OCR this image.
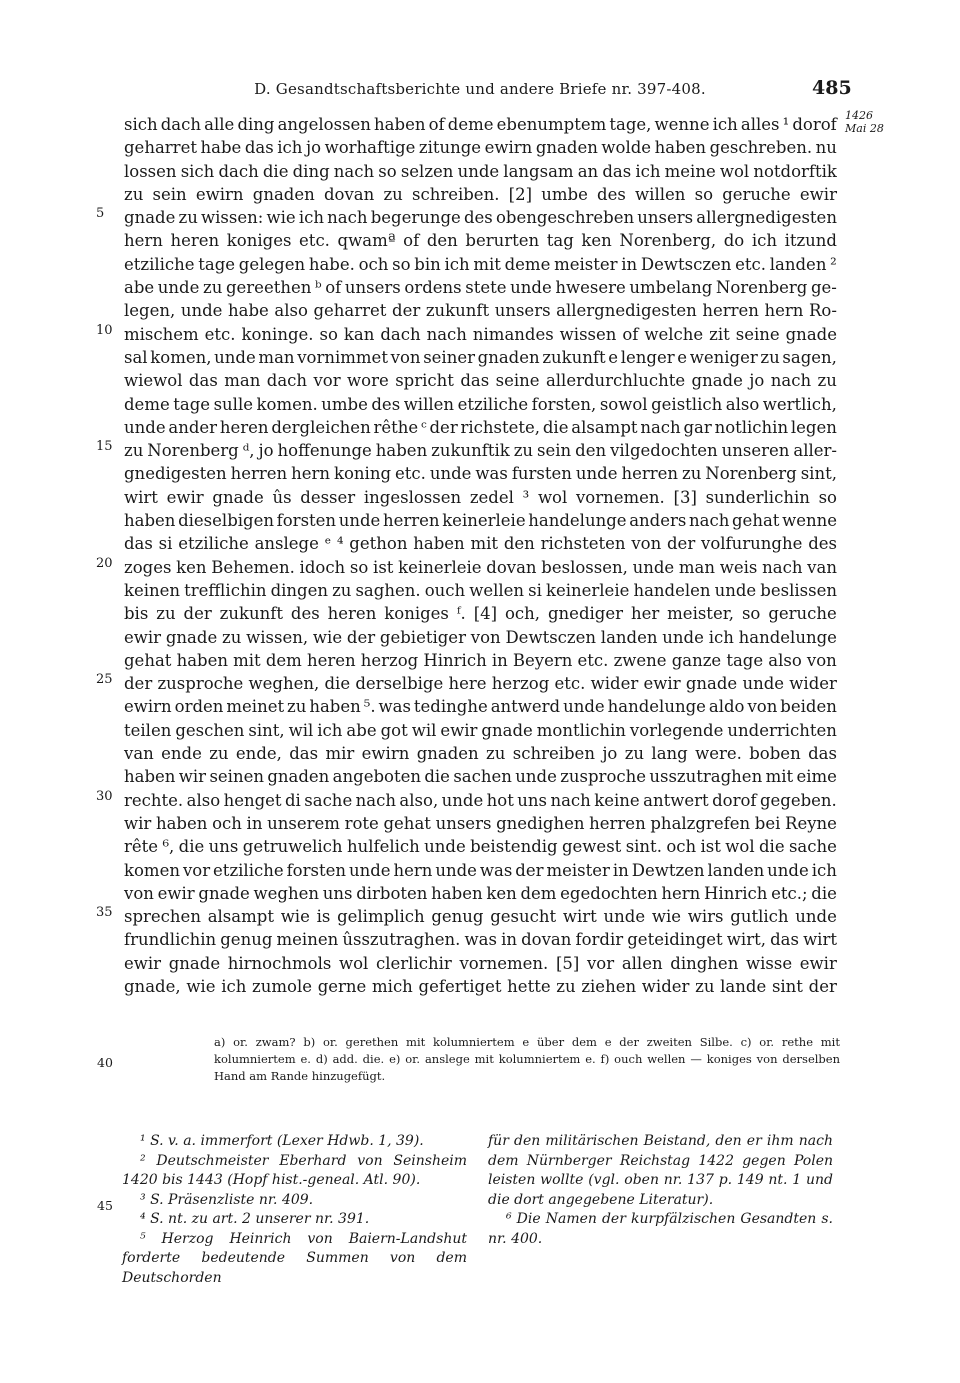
D. Gesandtschaftsberichte und andere Briefe nr. 397-408.	485
1426
Mai 28
5
10
15
20
25
30
35
sich dach alle ding angelossen haben of deme ebenumptem tage, wenne ich alles ¹ dorof
geharret habe das ich jo worhaftige zitunge ewirn gnaden wolde haben geschreben. nu
lossen sich dach die ding nach so selzen unde langsam an das ich meine wol notdorftik
zu sein ewirn gnaden dovan zu schreiben. [2] umbe des willen so geruche ewir
gnade zu wissen: wie ich nach begerunge des obengeschreben unsers allergnedigesten
hern heren koniges etc. qwamª of den berurten tag ken Norenberg, do ich itzund
etziliche tage gelegen habe. och so bin ich mit deme meister in Dewtsczen etc. landen ²
abe unde zu gereethen ᵇ of unsers ordens stete unde hwesere umbelang Norenberg ge-
legen, unde habe also geharret der zukunft unsers allergnedigesten herren hern Ro-
mischem etc. koninge. so kan dach nach nimandes wissen of welche zit seine gnade
sal komen, unde man vornimmet von seiner gnaden zukunft e lenger e weniger zu sagen,
wiewol das man dach vor wore spricht das seine allerdurchluchte gnade jo nach zu
deme tage sulle komen. umbe des willen etziliche forsten, sowol geistlich also wertlich,
unde ander heren dergleichen rêthe ᶜ der richstete, die alsampt nach gar notlichin legen
zu Norenberg ᵈ, jo hoffenunge haben zukunftik zu sein den vilgedochten unseren aller-
gnedigesten herren hern koning etc. unde was fursten unde herren zu Norenberg sint,
wirt ewir gnade ûs desser ingeslossen zedel ³ wol vornemen. [3] sunderlichin so
haben dieselbigen forsten unde herren keinerleie handelunge anders nach gehat wenne
das si etziliche anslege ᵉ ⁴ gethon haben mit den richsteten von der volfurunghe des
zoges ken Behemen. idoch so ist keinerleie dovan beslossen, unde man weis nach van
keinen trefflichin dingen zu saghen. ouch wellen si keinerleie handelen unde beslissen
bis zu der zukunft des heren koniges ᶠ. [4] och, gnediger her meister, so geruche
ewir gnade zu wissen, wie der gebietiger von Dewtsczen landen unde ich handelunge
gehat haben mit dem heren herzog Hinrich in Beyern etc. zwene ganze tage also von
der zusproche weghen, die derselbige here herzog etc. wider ewir gnade unde wider
ewirn orden meinet zu haben ⁵. was tedinghe antwerd unde handelunge aldo von beiden
teilen geschen sint, wil ich abe got wil ewir gnade montlichin vorlegende underrichten
van ende zu ende, das mir ewirn gnaden zu schreiben jo zu lang were. boben das
haben wir seinen gnaden angeboten die sachen unde zusproche usszutraghen mit eime
rechte. also henget di sache nach also, unde hot uns nach keine antwert dorof gegeben.
wir haben och in unserem rote gehat unsers gnedighen herren phalzgrefen bei Reyne
rête ⁶, die uns getruwelich hulfelich unde beistendig gewest sint. och ist wol die sache
komen vor etziliche forsten unde hern unde was der meister in Dewtzen landen unde ich
von ewir gnade weghen uns dirboten haben ken dem egedochten hern Hinrich etc.; die
sprechen alsampt wie is gelimplich genug gesucht wirt unde wie wirs gutlich unde
frundlichin genug meinen ûsszutraghen. was in dovan fordir geteidinget wirt, das wirt
ewir gnade hirnochmols wol clerlichir vornemen. [5] vor allen dinghen wisse ewir
gnade, wie ich zumole gerne mich gefertiget hette zu ziehen wider zu lande sint der
40
a) or. zwam? b) or. gerethen mit kolumniertem e über dem e der zweiten Silbe. c) or. rethe mit kolumniertem e. d) add. die. e) or. anslege mit kolumniertem e. f) ouch wellen — koniges von derselben Hand am Rande hinzugefügt.
45
¹ S. v. a. immerfort (Lexer Hdwb. 1, 39).
² Deutschmeister Eberhard von Seinsheim 1420 bis 1443 (Hopf hist.-geneal. Atl. 90).
³ S. Präsenzliste nr. 409.
⁴ S. nt. zu art. 2 unserer nr. 391.
⁵ Herzog Heinrich von Baiern-Landshut forderte bedeutende Summen von dem Deutschorden
für den militärischen Beistand, den er ihm nach dem Nürnberger Reichstag 1422 gegen Polen leisten wollte (vgl. oben nr. 137 p. 149 nt. 1 und die dort angegebene Literatur).
⁶ Die Namen der kurpfälzischen Gesandten s. nr. 400.
